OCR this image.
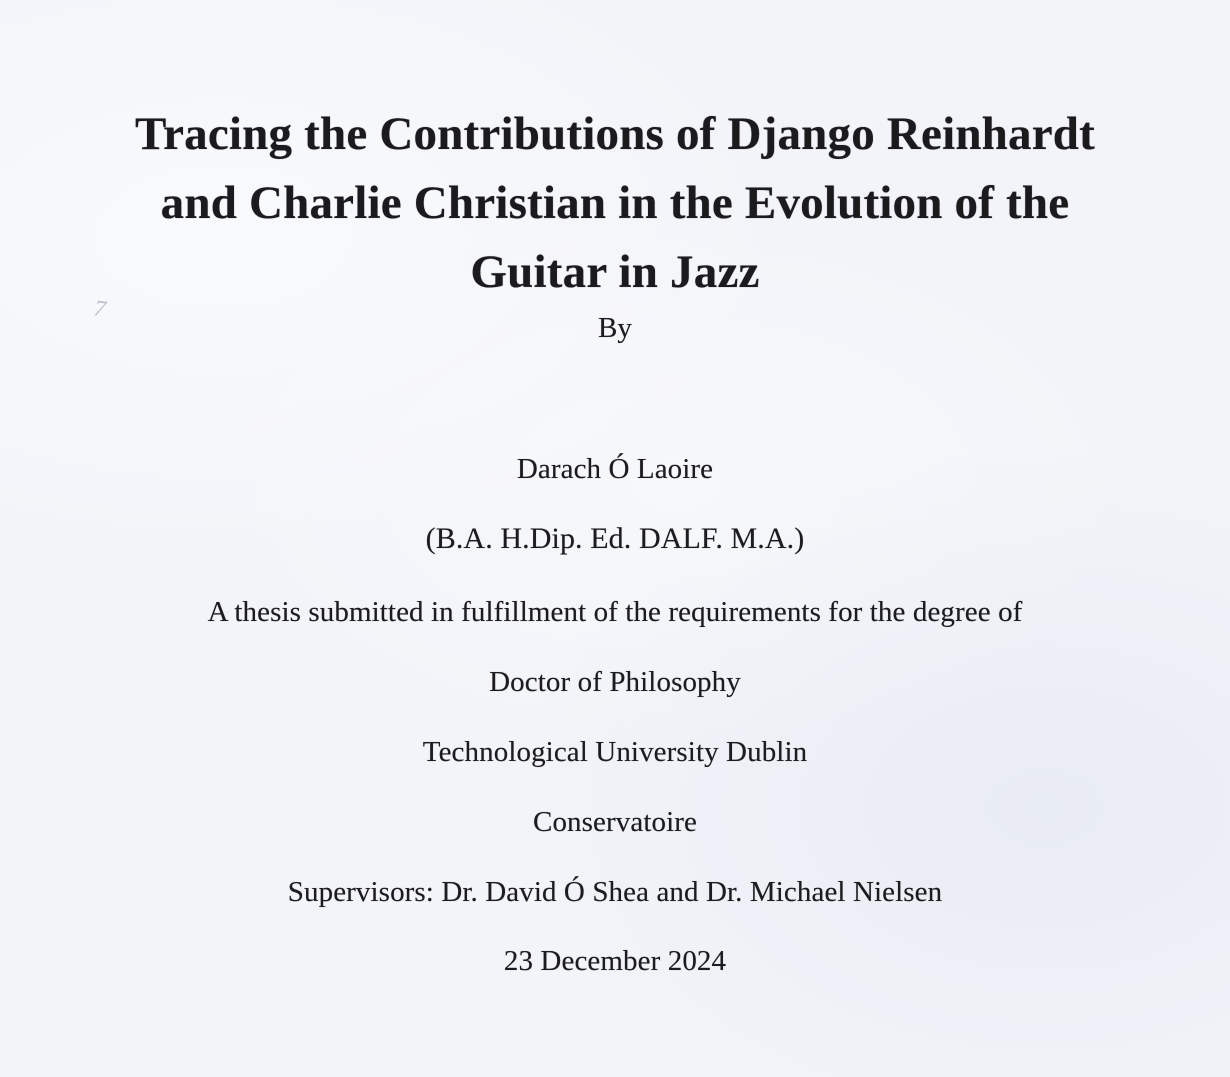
7
Tracing the Contributions of Django Reinhardt
and Charlie Christian in the Evolution of the
Guitar in Jazz
By
Darach Ó Laoire
(B.A. H.Dip. Ed. DALF. M.A.)
A thesis submitted in fulfillment of the requirements for the degree of
Doctor of Philosophy
Technological University Dublin
Conservatoire
Supervisors: Dr. David Ó Shea and Dr. Michael Nielsen
23 December 2024
